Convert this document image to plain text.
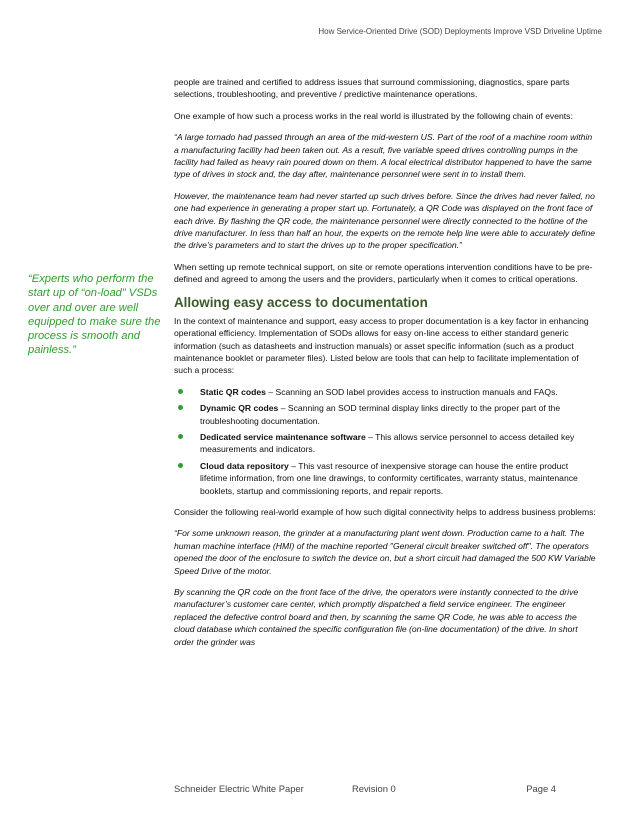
How Service-Oriented Drive (SOD) Deployments Improve VSD Driveline Uptime
“Experts who perform the start up of “on-load” VSDs over and over are well equipped to make sure the process is smooth and painless.”

people are trained and certified to address issues that surround commissioning, diagnostics, spare parts selections, troubleshooting, and preventive / predictive maintenance operations.

One example of how such a process works in the real world is illustrated by the following chain of events:

“A large tornado had passed through an area of the mid-western US. Part of the roof of a machine room within a manufacturing facility had been taken out. As a result, five variable speed drives controlling pumps in the facility had failed as heavy rain poured down on them. A local electrical distributor happened to have the same type of drives in stock and, the day after, maintenance personnel were sent in to install them.

However, the maintenance team had never started up such drives before. Since the drives had never failed, no one had experience in generating a proper start up. Fortunately, a QR Code was displayed on the front face of each drive. By flashing the QR code, the maintenance personnel were directly connected to the hotline of the drive manufacturer. In less than half an hour, the experts on the remote help line were able to accurately define the drive’s parameters and to start the drives up to the proper specification.”

When setting up remote technical support, on site or remote operations intervention conditions have to be pre-defined and agreed to among the users and the providers, particularly when it comes to critical operations.

Allowing easy access to documentation

In the context of maintenance and support, easy access to proper documentation is a key factor in enhancing operational efficiency. Implementation of SODs allows for easy on-line access to either standard generic information (such as datasheets and instruction manuals) or asset specific information (such as a product maintenance booklet or parameter files). Listed below are tools that can help to facilitate implementation of such a process:

Static QR codes – Scanning an SOD label provides access to instruction manuals and FAQs.
Dynamic QR codes – Scanning an SOD terminal display links directly to the proper part of the troubleshooting documentation.
Dedicated service maintenance software – This allows service personnel to access detailed key measurements and indicators.
Cloud data repository – This vast resource of inexpensive storage can house the entire product lifetime information, from one line drawings, to conformity certificates, warranty status, maintenance booklets, startup and commissioning reports, and repair reports.

Consider the following real-world example of how such digital connectivity helps to address business problems:

“For some unknown reason, the grinder at a manufacturing plant went down. Production came to a halt. The human machine interface (HMI) of the machine reported "General circuit breaker switched off". The operators opened the door of the enclosure to switch the device on, but a short circuit had damaged the 500 KW Variable Speed Drive of the motor.

By scanning the QR code on the front face of the drive, the operators were instantly connected to the drive manufacturer’s customer care center, which promptly dispatched a field service engineer. The engineer replaced the defective control board and then, by scanning the same QR Code, he was able to access the cloud database which contained the specific configuration file (on-line documentation) of the drive. In short order the grinder was

Schneider Electric White Paper	Revision 0	Page 4
